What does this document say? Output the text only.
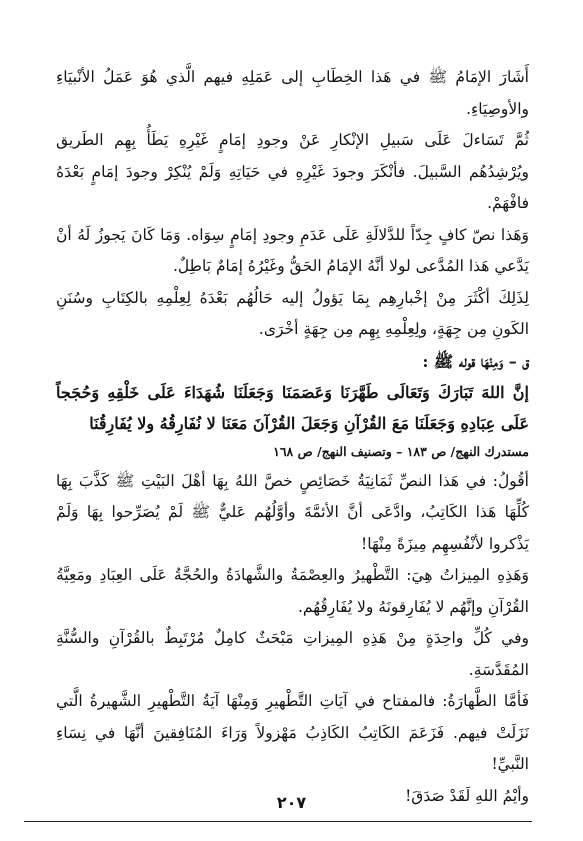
أَشَارَ الإمَامُ ﷺ في هَذا الخِطَابِ إلى عَمَلِهِ فيهم الَّذي هُوَ عَمَلُ الأنْبيَاءِ والأوصِيَاءِ.

ثُمَّ تَسَاءلَ عَلَى سَبيلِ الإنْكارِ عَنْ وجودِ إمَامٍ غَيْرِهِ يَطَأُ بِهِم الطَريق ويُرْشِدُهُم السَّبيلَ. فأنْكَرَ وجودَ غَيْرِهِ في حَيَاتِهِ وَلَمْ يُنْكِرْ وجودَ إمَامٍ بَعْدَهُ فافْهَمْ.

وَهَذا نصّ كافٍ جِدّاً للدَّلالَةِ عَلَى عَدَمِ وجودِ إمَامٍ سِوَاه. وَمَا كَانَ يَجوزُ لَهُ أنْ يَدَّعي هَذا المُدَّعى لولا أنَّهُ الإمَامُ الحَقُّ وغَيْرُهُ إمَامٌ بَاطِلٌ.

لِذَلِكَ أكْثَرَ مِنْ إخْبارِهِم بِمَا يَؤولُ إليه حَالُهُم بَعْدَهُ لِعِلْمِهِ بالكِتَابِ وسُنَنِ الكَونِ مِن جِهَةٍ، ولِعِلْمِهِ بِهِم مِن جِهَةٍ أخْرَى.

ق – وَمِنْهَا قوله ﷺ :

إنَّ اللهَ تَبَارَكَ وَتَعَالَى طَهَّرَنَا وَعَصَمَنَا وَجَعَلَنَا شُهَدَاءَ عَلَى خَلْقِهِ وَحُجَجاً عَلَى عِبَادِهِ وَجَعَلَنَا مَعَ القُرْآنِ وَجَعَلَ القُرْآنَ مَعَنَا لا نُفَارِقُهُ ولا يُفَارِقُنَا

مستدرك النهج/ ص ١٨٣ – وتصنيف النهج/ ص ١٦٨

أقُولُ: في هَذا النصِّ ثَمَانِيَةُ خَصَائِصٍ خصَّ اللهُ بِهَا أهْلَ البَيْتِ ﷺ كَذَّبَ بِهَا كُلِّهَا هَذا الكَاتِبُ، وادَّعَى أنَّ الأئمَّةَ وأوَّلُهُم عَليٌّ ﷺ لَمْ يُصَرِّحوا بِهَا وَلَمْ يَذْكروا لأنْفُسِهِم مِيزَةً مِنْهَا!

وَهَذِهِ المِيزاتُ هِيَ: التَّطْهيرُ والعِصْمَةُ والشَّهادَةُ والحُجَّةُ عَلَى العِبَادِ ومَعِيَّةُ القُرْآنِ وإنَّهُم لا يُفَارِقونَهُ ولا يُفَارِقُهُم.

وفي كُلِّ واحِدَةٍ مِنْ هَذِهِ المِيزاتِ مَبْحَثٌ كامِلٌ مُرْتَبِطٌ بالقُرْآنِ والسُّنَّةِ المُقَدَّسَةِ.

فَأمَّا الطَّهارَةُ: فالمفتاح في آيَاتِ التَّطْهيرِ وَمِنْهَا آيَةُ التَّطْهيرِ الشَّهيرةُ الَّتي نَزَلَتْ فيهم. فَزَعَمَ الكَاتِبُ الكَاذِبُ مَهْزولاً وَرَاءَ المُنَافِقينَ أنَّهَا في نِسَاءِ النَّبيِّ!

وأيْمُ اللهِ لَقَدْ صَدَقَ!

٢٠٧
